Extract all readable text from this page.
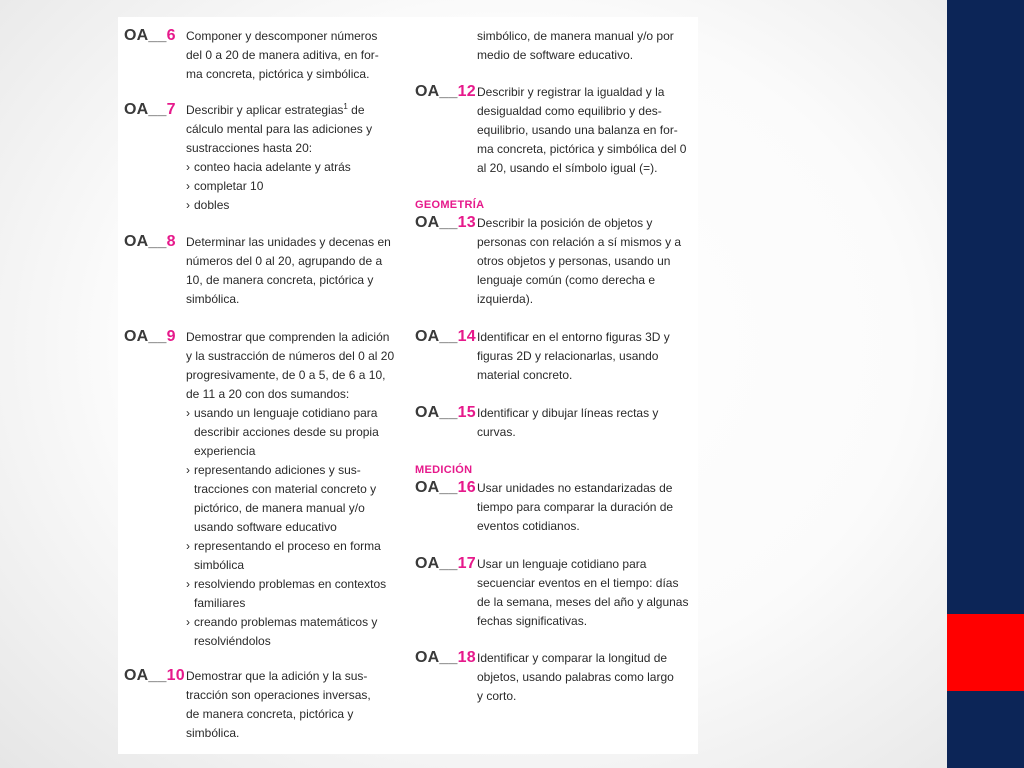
OA__6 Componer y descomponer números del 0 a 20 de manera aditiva, en for- ma concreta, pictórica y simbólica.

OA__7 Describir y aplicar estrategias$^1$ de cálculo mental para las adiciones y sustracciones hasta 20:

› conteo hacia adelante y atrás
› completar 10
› dobles
OA__8 Determinar las unidades y decenas en números del 0 al 20, agrupando de a 10, de manera concreta, pictórica y simbólica.

OA__9 Demostrar que comprenden la adición y la sustracción de números del 0 al 20 progresivamente, de 0 a 5, de 6 a 10, de 11 a 20 con dos sumandos:

› usando un lenguaje cotidiano para describir acciones desde su propia experiencia
› representando adiciones y sus- tracciones con material concreto y pictórico, de manera manual y/o usando software educativo
› representando el proceso en forma simbólica
› resolviendo problemas en contextos familiares
› creando problemas matemáticos y resolviéndolos
OA__10 Demostrar que la adición y la sus- tracción son operaciones inversas, de manera concreta, pictórica y simbólica.

simbólico, de manera manual y/o por medio de software educativo.

OA__12 Describir y registrar la igualdad y la desigualdad como equilibrio y des- equilibrio, usando una balanza en for- ma concreta, pictórica y simbólica del 0 al 20, usando el símbolo igual (=).

GEOMETRÍA
OA__13 Describir la posición de objetos y personas con relación a sí mismos y a otros objetos y personas, usando un lenguaje común (como derecha e izquierda).

OA__14 Identificar en el entorno figuras 3D y figuras 2D y relacionarlas, usando material concreto.

OA__15 Identificar y dibujar líneas rectas y curvas.

MEDICIÓN
OA__16 Usar unidades no estandarizadas de tiempo para comparar la duración de eventos cotidianos.

OA__17 Usar un lenguaje cotidiano para secuenciar eventos en el tiempo: días de la semana, meses del año y algunas fechas significativas.

OA__18 Identificar y comparar la longitud de objetos, usando palabras como largo y corto.
